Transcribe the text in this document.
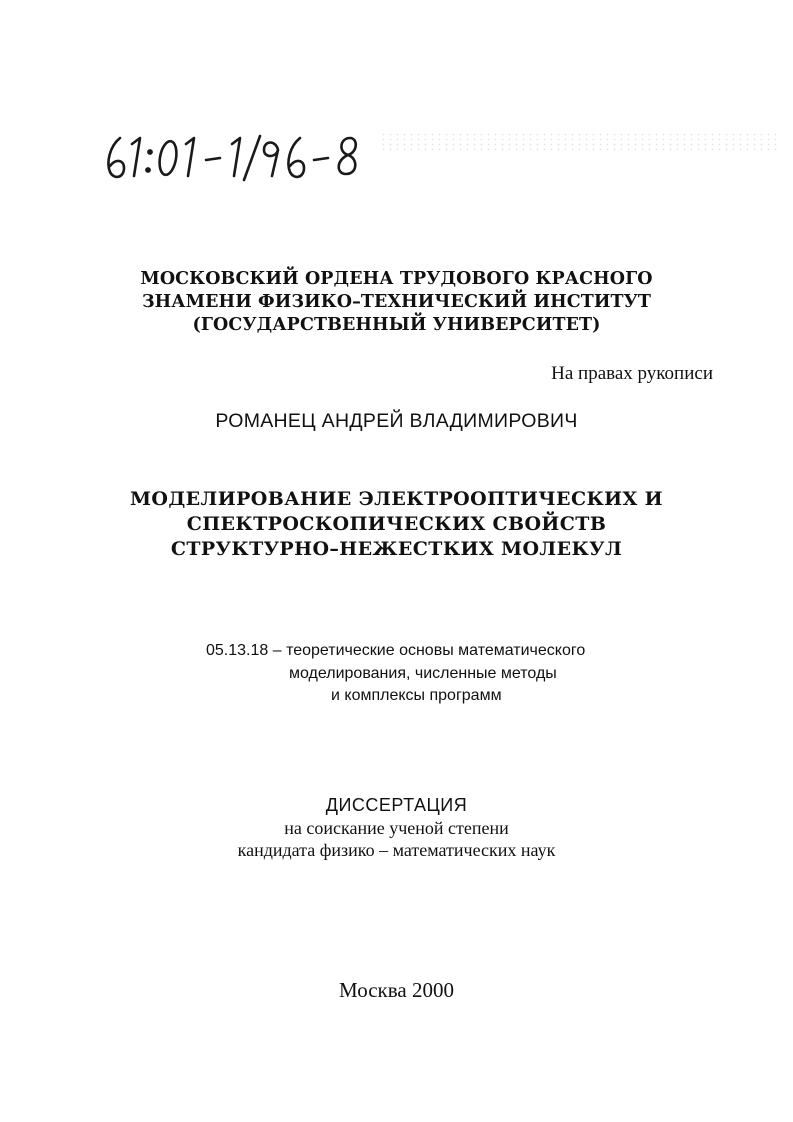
МОСКОВСКИЙ ОРДЕНА ТРУДОВОГО КРАСНОГО
ЗНАМЕНИ ФИЗИКО–ТЕХНИЧЕСКИЙ ИНСТИТУТ
(ГОСУДАРСТВЕННЫЙ УНИВЕРСИТЕТ)
На правах рукописи
РОМАНЕЦ АНДРЕЙ ВЛАДИМИРОВИЧ
МОДЕЛИРОВАНИЕ ЭЛЕКТРООПТИЧЕСКИХ И
СПЕКТРОСКОПИЧЕСКИХ СВОЙСТВ
СТРУКТУРНО–НЕЖЕСТКИХ МОЛЕКУЛ
05.13.18 – теоретические основы математического
моделирования, численные методы
и комплексы программ
ДИССЕРТАЦИЯ
на соискание ученой степени
кандидата физико – математических наук
Москва 2000
